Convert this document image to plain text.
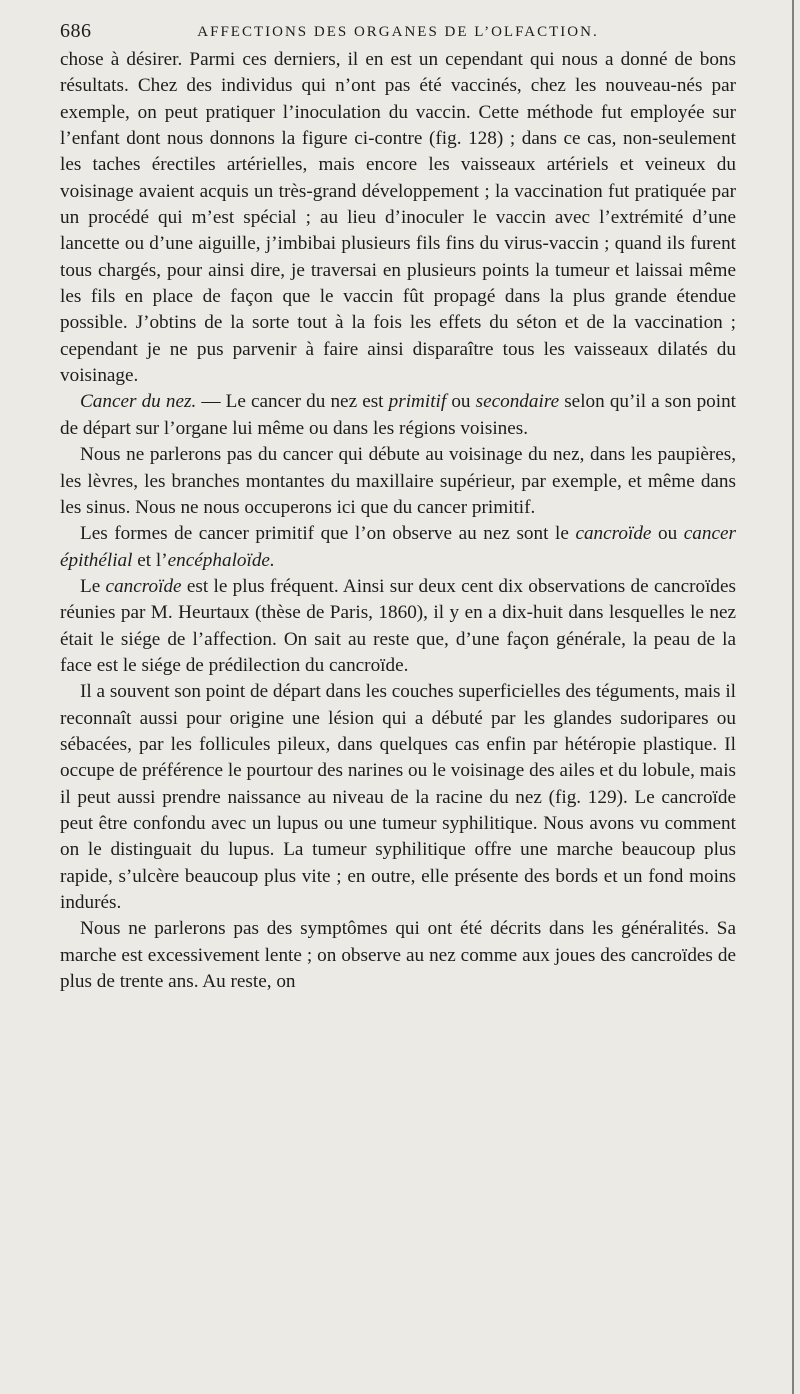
686	AFFECTIONS DES ORGANES DE L’OLFACTION.

chose à désirer. Parmi ces derniers, il en est un cependant qui nous a donné de bons résultats. Chez des individus qui n’ont pas été vaccinés, chez les nouveau-nés par exemple, on peut pratiquer l’inoculation du vaccin. Cette méthode fut employée sur l’enfant dont nous donnons la figure ci-contre (fig. 128) ; dans ce cas, non-seulement les taches érectiles artérielles, mais encore les vaisseaux artériels et veineux du voisinage avaient acquis un très-grand développement ; la vaccination fut pratiquée par un procédé qui m’est spécial ; au lieu d’inoculer le vaccin avec l’extrémité d’une lancette ou d’une aiguille, j’imbibai plusieurs fils fins du virus-vaccin ; quand ils furent tous chargés, pour ainsi dire, je traversai en plusieurs points la tumeur et laissai même les fils en place de façon que le vaccin fût propagé dans la plus grande étendue possible. J’obtins de la sorte tout à la fois les effets du séton et de la vaccination ; cependant je ne pus parvenir à faire ainsi disparaître tous les vaisseaux dilatés du voisinage.

Cancer du nez. — Le cancer du nez est primitif ou secondaire selon qu’il a son point de départ sur l’organe lui même ou dans les régions voisines.

Nous ne parlerons pas du cancer qui débute au voisinage du nez, dans les paupières, les lèvres, les branches montantes du maxillaire supérieur, par exemple, et même dans les sinus. Nous ne nous occuperons ici que du cancer primitif.

Les formes de cancer primitif que l’on observe au nez sont le cancroïde ou cancer épithélial et l’encéphaloïde.

Le cancroïde est le plus fréquent. Ainsi sur deux cent dix observations de cancroïdes réunies par M. Heurtaux (thèse de Paris, 1860), il y en a dix-huit dans lesquelles le nez était le siége de l’affection. On sait au reste que, d’une façon générale, la peau de la face est le siége de prédilection du cancroïde.

Il a souvent son point de départ dans les couches superficielles des téguments, mais il reconnaît aussi pour origine une lésion qui a débuté par les glandes sudoripares ou sébacées, par les follicules pileux, dans quelques cas enfin par hétéropie plastique. Il occupe de préférence le pourtour des narines ou le voisinage des ailes et du lobule, mais il peut aussi prendre naissance au niveau de la racine du nez (fig. 129). Le cancroïde peut être confondu avec un lupus ou une tumeur syphilitique. Nous avons vu comment on le distinguait du lupus. La tumeur syphilitique offre une marche beaucoup plus rapide, s’ulcère beaucoup plus vite ; en outre, elle présente des bords et un fond moins indurés.

Nous ne parlerons pas des symptômes qui ont été décrits dans les généralités. Sa marche est excessivement lente ; on observe au nez comme aux joues des cancroïdes de plus de trente ans. Au reste, on
